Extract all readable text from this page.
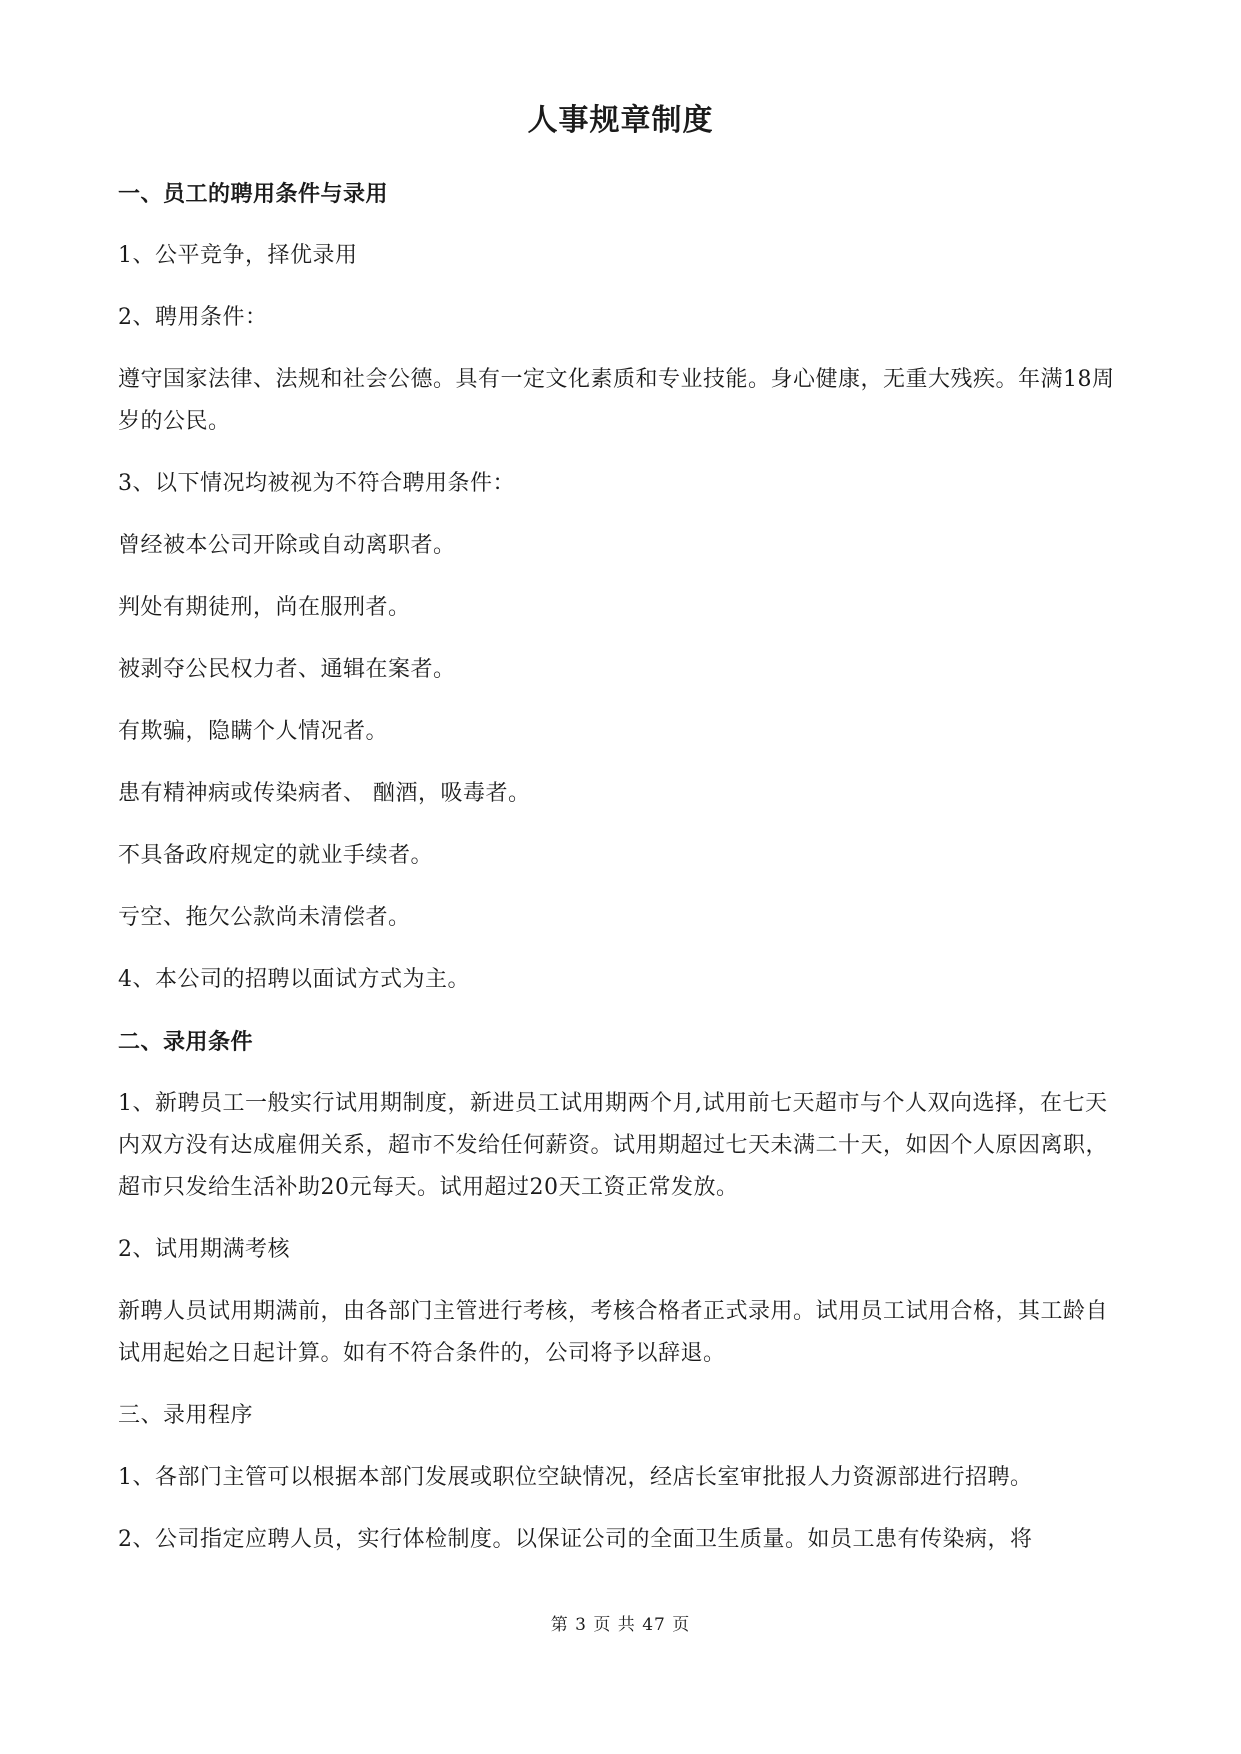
人事规章制度

一、员工的聘用条件与录用

1、公平竞争，择优录用

2、聘用条件：

遵守国家法律、法规和社会公德。具有一定文化素质和专业技能。身心健康，无重大残疾。年满18周岁的公民。

3、以下情况均被视为不符合聘用条件：

曾经被本公司开除或自动离职者。

判处有期徒刑，尚在服刑者。

被剥夺公民权力者、通辑在案者。

有欺骗，隐瞒个人情况者。

患有精神病或传染病者、 酗酒，吸毒者。

不具备政府规定的就业手续者。

亏空、拖欠公款尚未清偿者。

4、本公司的招聘以面试方式为主。

二、录用条件

1、新聘员工一般实行试用期制度，新进员工试用期两个月,试用前七天超市与个人双向选择，在七天内双方没有达成雇佣关系，超市不发给任何薪资。试用期超过七天未满二十天，如因个人原因离职，超市只发给生活补助20元每天。试用超过20天工资正常发放。

2、试用期满考核

新聘人员试用期满前，由各部门主管进行考核，考核合格者正式录用。试用员工试用合格，其工龄自试用起始之日起计算。如有不符合条件的，公司将予以辞退。

三、录用程序

1、各部门主管可以根据本部门发展或职位空缺情况，经店长室审批报人力资源部进行招聘。

2、公司指定应聘人员，实行体检制度。以保证公司的全面卫生质量。如员工患有传染病，将

第 3 页 共 47 页
